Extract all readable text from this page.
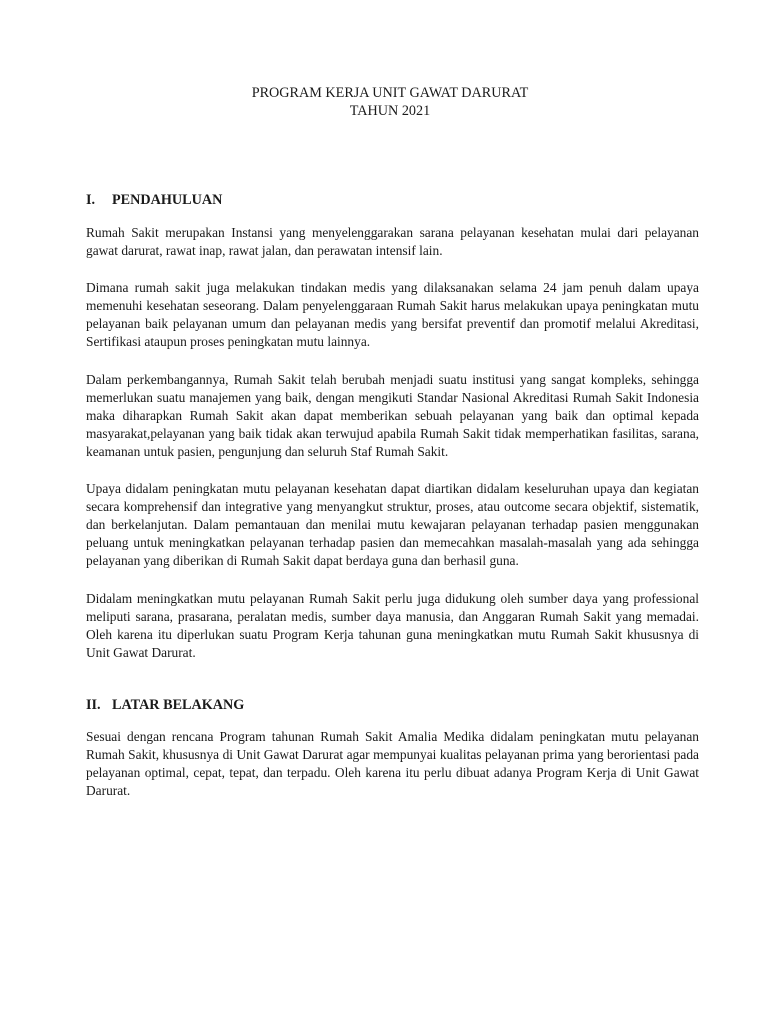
PROGRAM KERJA UNIT GAWAT DARURAT
TAHUN 2021
I. PENDAHULUAN

Rumah Sakit merupakan Instansi yang menyelenggarakan sarana pelayanan kesehatan mulai dari pelayanan gawat darurat, rawat inap, rawat jalan, dan perawatan intensif lain.

Dimana rumah sakit juga melakukan tindakan medis yang dilaksanakan selama 24 jam penuh dalam upaya memenuhi kesehatan seseorang. Dalam penyelenggaraan Rumah Sakit harus melakukan upaya peningkatan mutu pelayanan baik pelayanan umum dan pelayanan medis yang bersifat preventif dan promotif melalui Akreditasi, Sertifikasi ataupun proses peningkatan mutu lainnya.

Dalam perkembangannya, Rumah Sakit telah berubah menjadi suatu institusi yang sangat kompleks, sehingga memerlukan suatu manajemen yang baik, dengan mengikuti Standar Nasional Akreditasi Rumah Sakit Indonesia maka diharapkan Rumah Sakit akan dapat memberikan sebuah pelayanan yang baik dan optimal kepada masyarakat,pelayanan yang baik tidak akan terwujud apabila Rumah Sakit tidak memperhatikan fasilitas, sarana, keamanan untuk pasien, pengunjung dan seluruh Staf Rumah Sakit.

Upaya didalam peningkatan mutu pelayanan kesehatan dapat diartikan didalam keseluruhan upaya dan kegiatan secara komprehensif dan integrative yang menyangkut struktur, proses, atau outcome secara objektif, sistematik, dan berkelanjutan. Dalam pemantauan dan menilai mutu kewajaran pelayanan terhadap pasien menggunakan peluang untuk meningkatkan pelayanan terhadap pasien dan memecahkan masalah-masalah yang ada sehingga pelayanan yang diberikan di Rumah Sakit dapat berdaya guna dan berhasil guna.

Didalam meningkatkan mutu pelayanan Rumah Sakit perlu juga didukung oleh sumber daya yang professional meliputi sarana, prasarana, peralatan medis, sumber daya manusia, dan Anggaran Rumah Sakit yang memadai. Oleh karena itu diperlukan suatu Program Kerja tahunan guna meningkatkan mutu Rumah Sakit khususnya di Unit Gawat Darurat.

II. LATAR BELAKANG

Sesuai dengan rencana Program tahunan Rumah Sakit Amalia Medika didalam peningkatan mutu pelayanan Rumah Sakit, khususnya di Unit Gawat Darurat agar mempunyai kualitas pelayanan prima yang berorientasi pada pelayanan optimal, cepat, tepat, dan terpadu. Oleh karena itu perlu dibuat adanya Program Kerja di Unit Gawat Darurat.
